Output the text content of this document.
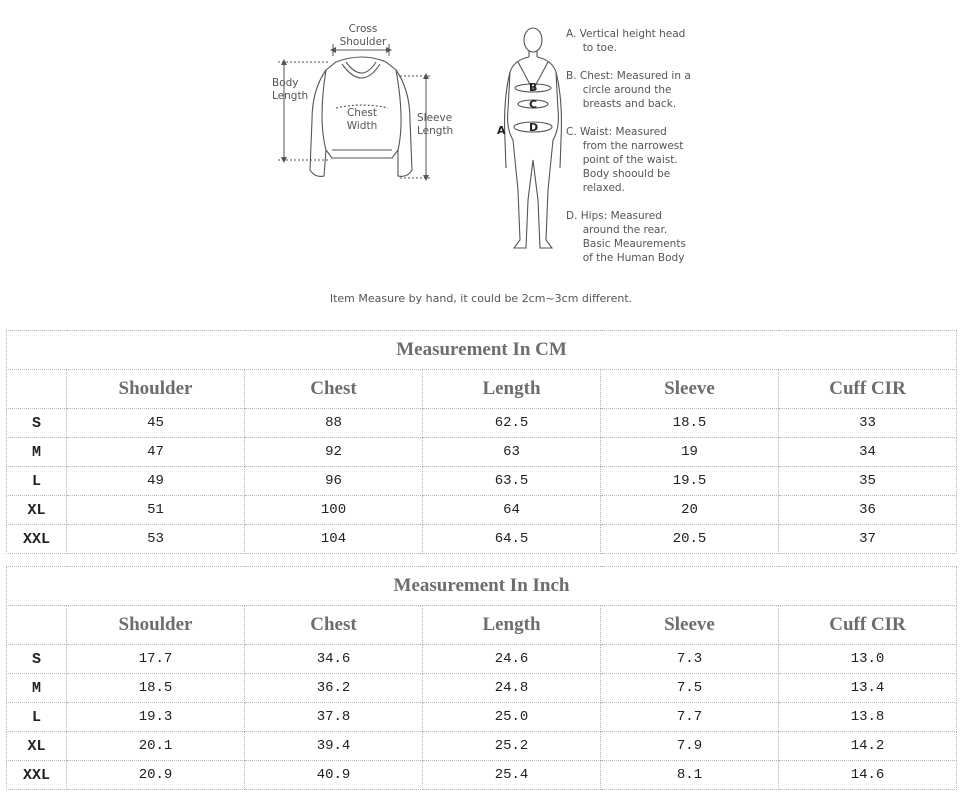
Cross
Shoulder
Body
Length
Chest
Width
Sleeve
Length	A
B
C
D
A. Vertical height head
to toe.
B. Chest: Measured in a
circle around the
breasts and back.
C. Waist: Measured
from the narrowest
point of the waist.
Body shoould be
relaxed.
D. Hips: Measured
around the rear.
Basic Meaurements
of the Human Body
Item Measure by hand, it could be 2cm~3cm different.
Measurement In CM					
	Shoulder	Chest	Length	Sleeve	Cuff CIR
S	45	88	62.5	18.5	33
M	47	92	63	19	34
L	49	96	63.5	19.5	35
XL	51	100	64	20	36
XXL	53	104	64.5	20.5	37
Measurement In Inch					
	Shoulder	Chest	Length	Sleeve	Cuff CIR
S	17.7	34.6	24.6	7.3	13.0
M	18.5	36.2	24.8	7.5	13.4
L	19.3	37.8	25.0	7.7	13.8
XL	20.1	39.4	25.2	7.9	14.2
XXL	20.9	40.9	25.4	8.1	14.6
